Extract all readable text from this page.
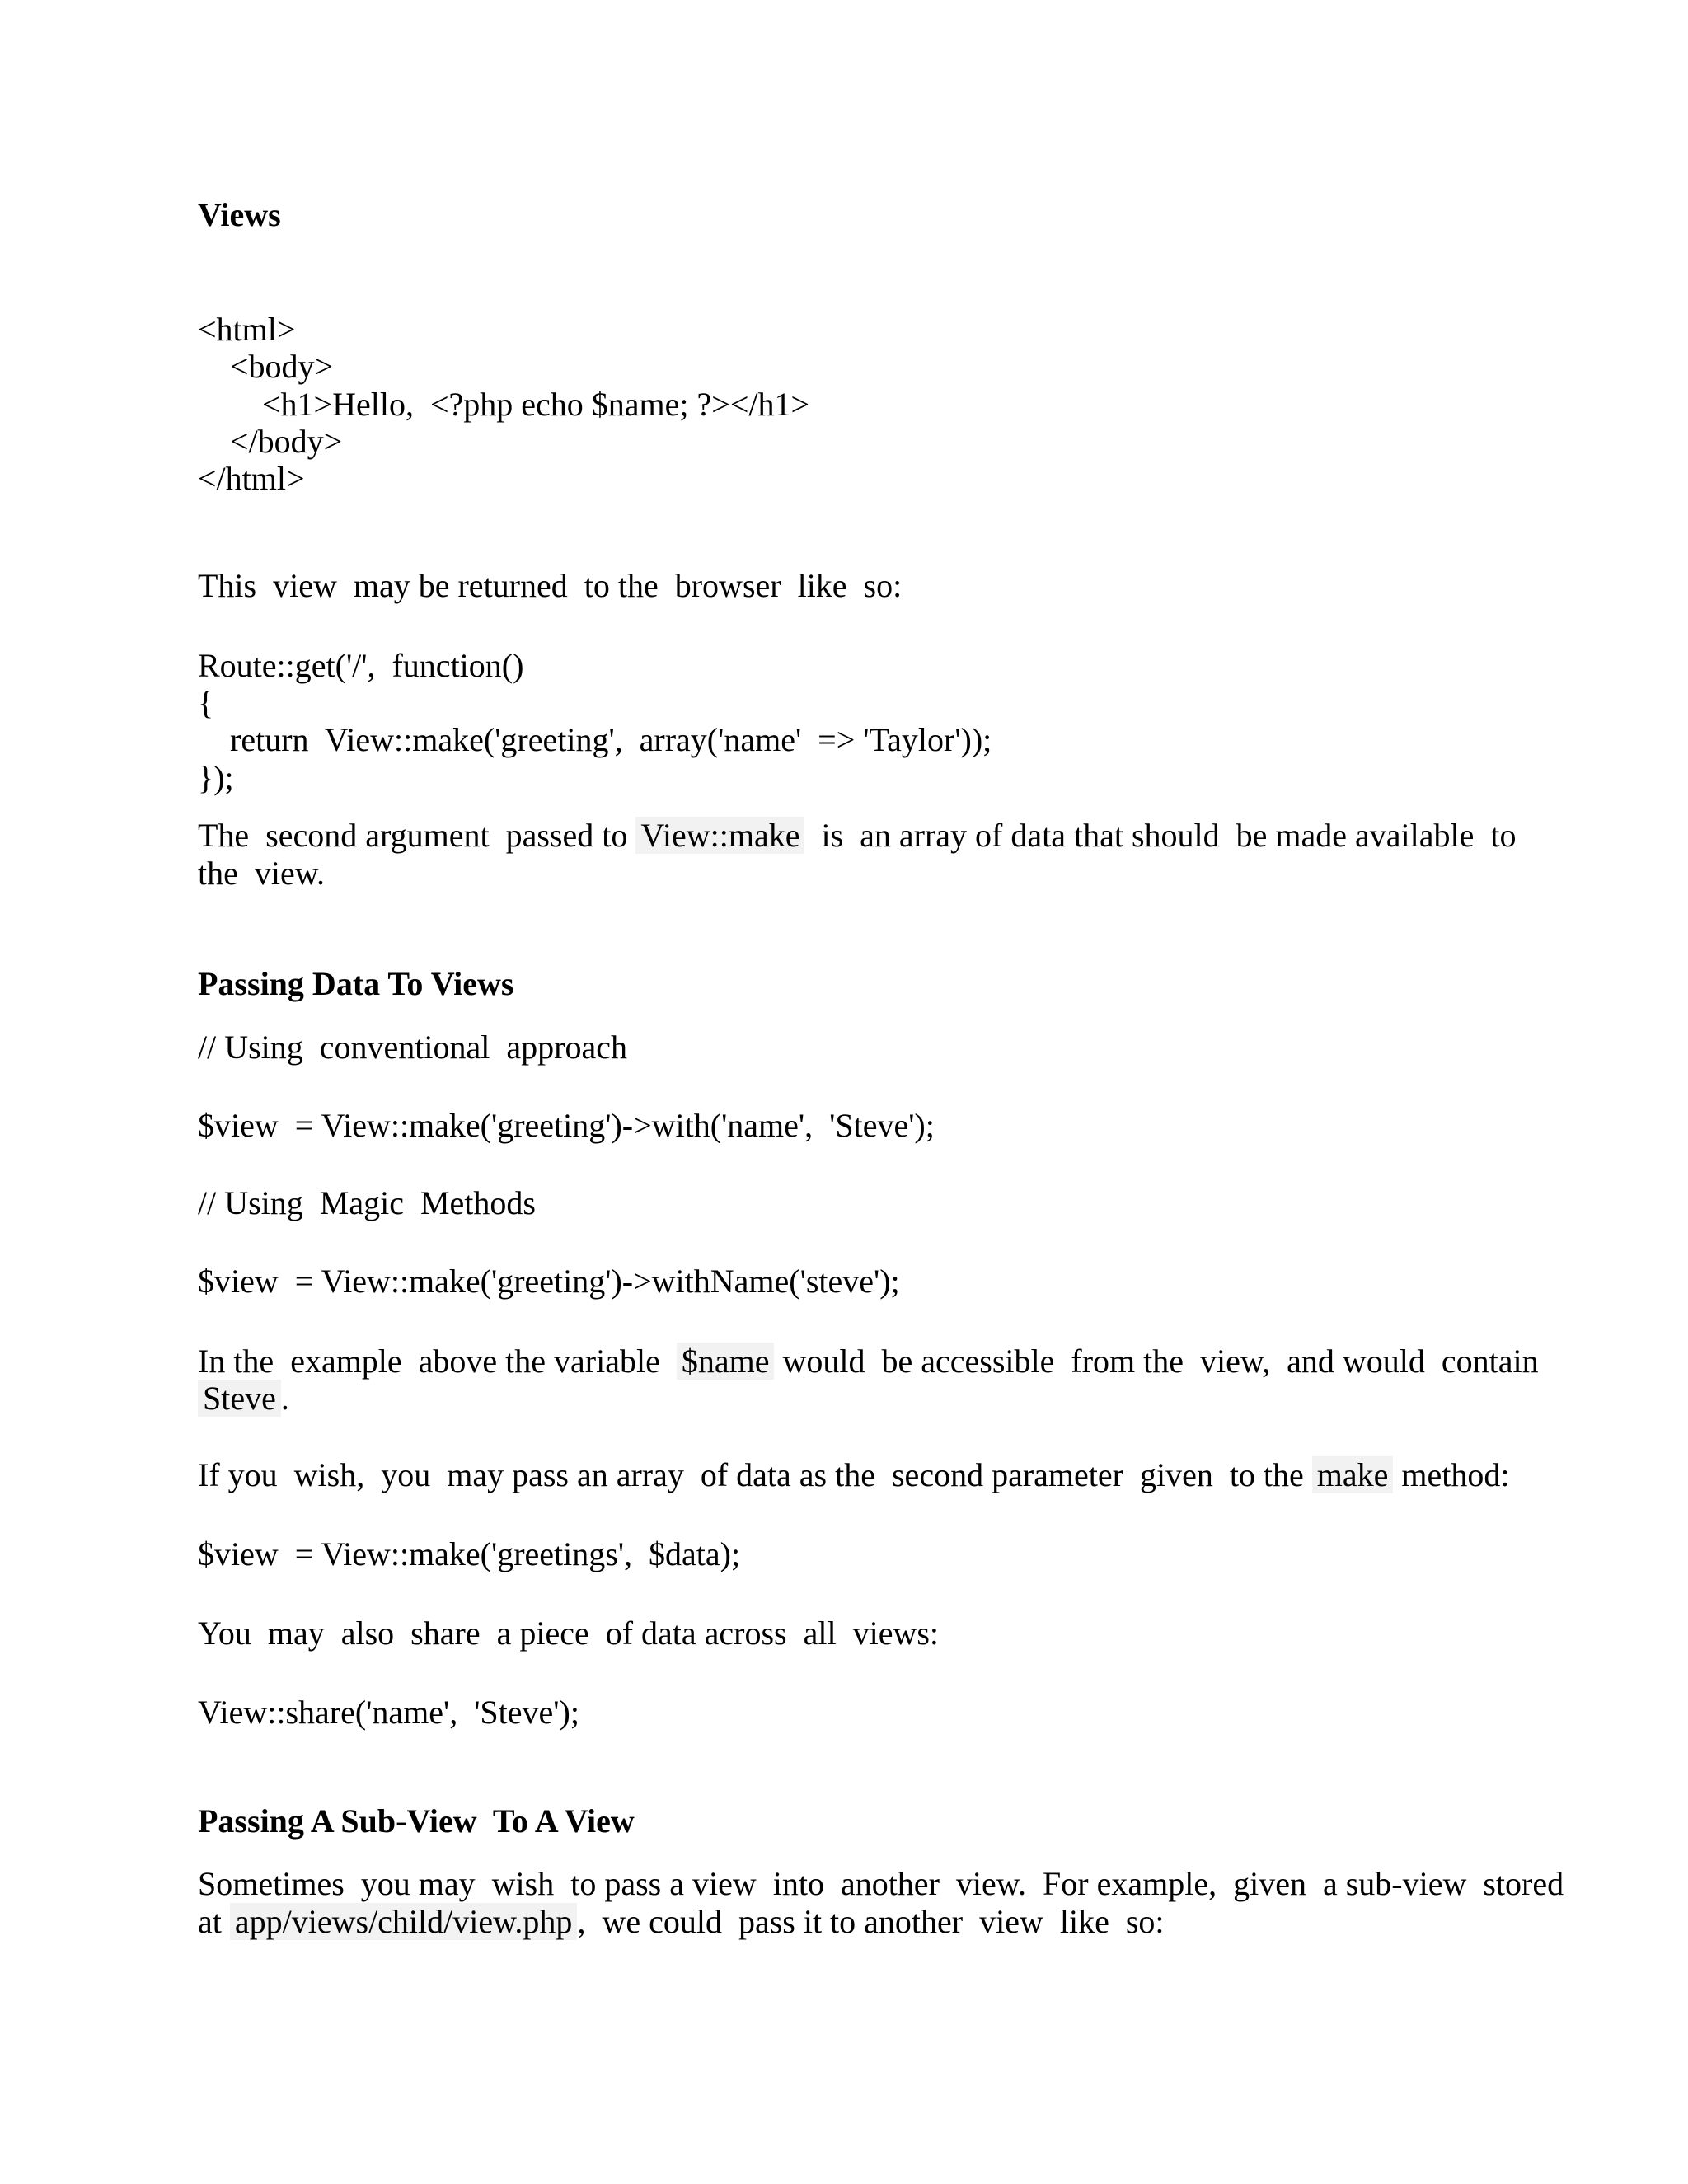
Views

<html>

<body>

<h1>Hello,  <?php echo $name; ?></h1>

</body>

</html>

This  view  may be returned  to the  browser  like  so:

Route::get('/',  function()

{

return  View::make('greeting',  array('name'  => 'Taylor'));

});

The  second argument  passed to View::make  is  an array of data that should  be made available  to

the  view.

Passing Data To Views

// Using  conventional  approach

$view  = View::make('greeting')->with('name',  'Steve');

// Using  Magic  Methods

$view  = View::make('greeting')->withName('steve');

In the  example  above the variable  $name would  be accessible  from the  view,  and would  contain

Steve .

If you  wish,  you  may pass an array  of data as the  second parameter  given  to the make method:

$view  = View::make('greetings',  $data);

You  may  also  share  a piece  of data across  all  views:

View::share('name',  'Steve');

Passing A Sub-View  To A View

Sometimes  you may  wish  to pass a view  into  another  view.  For example,  given  a sub-view  stored

at app/views/child/view.php ,  we could  pass it to another  view  like  so:
